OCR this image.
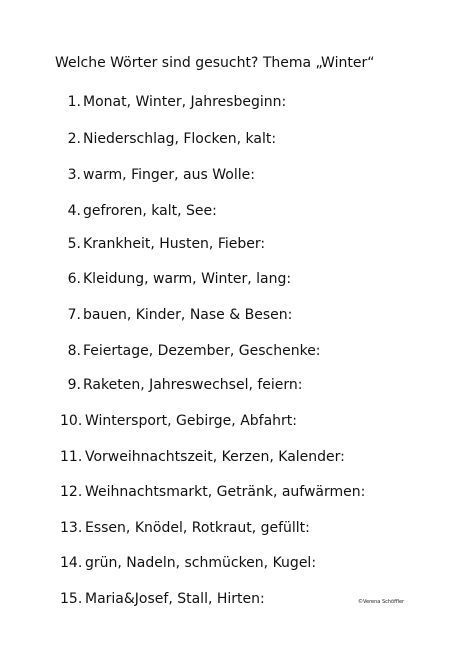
Welche Wörter sind gesucht? Thema „Winter“
1. Monat, Winter, Jahresbeginn:
2. Niederschlag, Flocken, kalt:
3. warm, Finger, aus Wolle:
4. gefroren, kalt, See:
5. Krankheit, Husten, Fieber:
6. Kleidung, warm, Winter, lang:
7. bauen, Kinder, Nase & Besen:
8. Feiertage, Dezember, Geschenke:
9. Raketen, Jahreswechsel, feiern:
10. Wintersport, Gebirge, Abfahrt:
11. Vorweihnachtszeit, Kerzen, Kalender:
12. Weihnachtsmarkt, Getränk, aufwärmen:
13. Essen, Knödel, Rotkraut, gefüllt:
14. grün, Nadeln, schmücken, Kugel:
15. Maria&Josef, Stall, Hirten:	©Verena Schöffler
